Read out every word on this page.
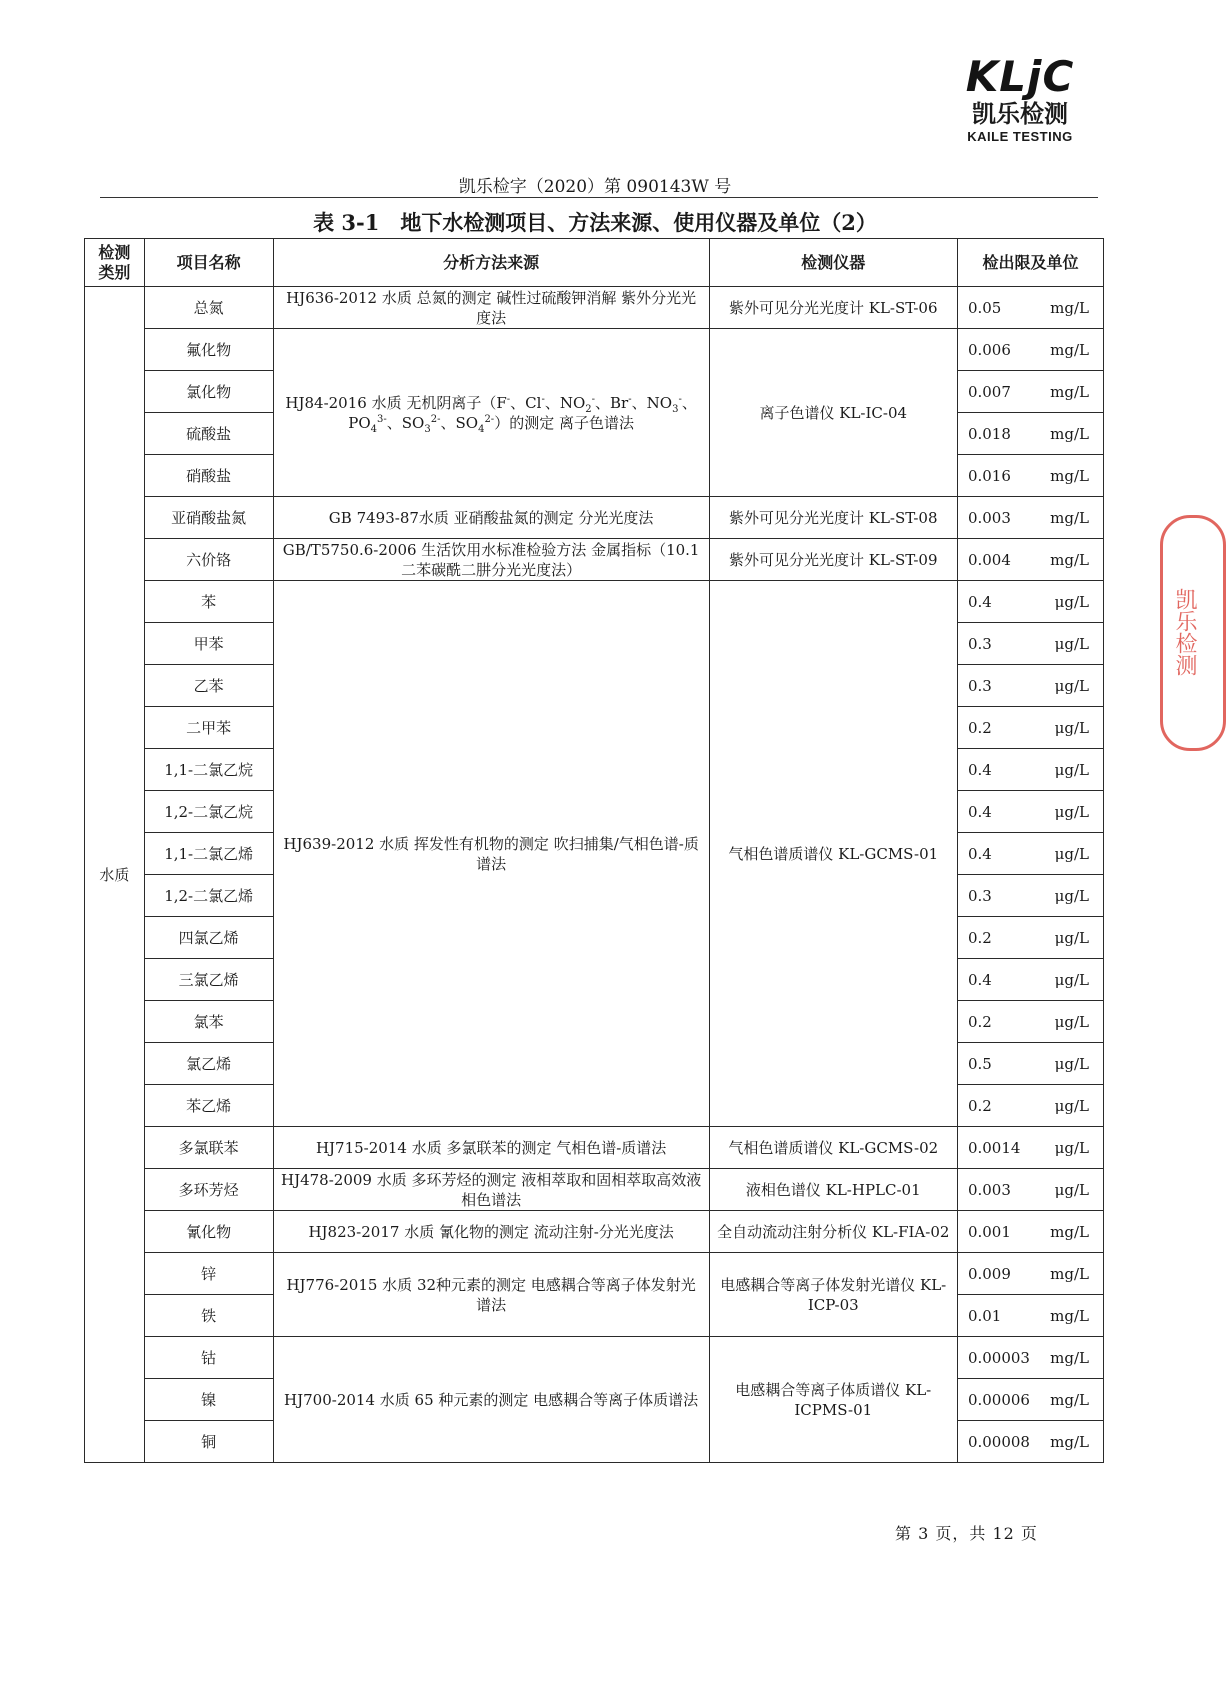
KLjC
凯乐检测
KAILE TESTING
凯乐检字（2020）第 090143W 号
表 3-1　地下水检测项目、方法来源、使用仪器及单位（2）
检测类别	项目名称	分析方法来源	检测仪器	检出限及单位
水质	总氮	HJ636-2012 水质 总氮的测定 碱性过硫酸钾消解 紫外分光光度法	紫外可见分光光度计 KL-ST-06	0.05 mg/L

	氟化物	HJ84-2016 水质 无机阴离子（F-、Cl-、$NO_2^-$、Br-、$NO_3^-$、$PO_4^{3-}$、$SO_3^{2-}$、$SO_4^{2-}$）的测定 离子色谱法	离子色谱仪 KL-IC-04	0.006 mg/L

	氯化物			0.007 mg/L

	硫酸盐			0.018 mg/L

	硝酸盐			0.016 mg/L

	亚硝酸盐氮	GB 7493-87水质 亚硝酸盐氮的测定 分光光度法	紫外可见分光光度计 KL-ST-08	0.003 mg/L

	六价铬	GB/T5750.6-2006 生活饮用水标准检验方法 金属指标（10.1 二苯碳酰二肼分光光度法）	紫外可见分光光度计 KL-ST-09	0.004 mg/L

	苯	HJ639-2012 水质 挥发性有机物的测定 吹扫捕集/气相色谱-质谱法	气相色谱质谱仪 KL-GCMS-01	0.4 μg/L

	甲苯			0.3 μg/L

	乙苯			0.3 μg/L

	二甲苯			0.2 μg/L

	1,1-二氯乙烷			0.4 μg/L

	1,2-二氯乙烷			0.4 μg/L

	1,1-二氯乙烯			0.4 μg/L

	1,2-二氯乙烯			0.3 μg/L

	四氯乙烯			0.2 μg/L

	三氯乙烯			0.4 μg/L

	氯苯			0.2 μg/L

	氯乙烯			0.5 μg/L

	苯乙烯			0.2 μg/L

	多氯联苯	HJ715-2014 水质 多氯联苯的测定 气相色谱-质谱法	气相色谱质谱仪 KL-GCMS-02	0.0014 μg/L

	多环芳烃	HJ478-2009 水质 多环芳烃的测定 液相萃取和固相萃取高效液相色谱法	液相色谱仪 KL-HPLC-01	0.003 μg/L

	氰化物	HJ823-2017 水质 氰化物的测定 流动注射-分光光度法	全自动流动注射分析仪 KL-FIA-02	0.001 mg/L

	锌	HJ776-2015 水质 32种元素的测定 电感耦合等离子体发射光谱法	电感耦合等离子体发射光谱仪 KL-ICP-03	0.009 mg/L

	铁			0.01 mg/L

	钴	HJ700-2014 水质 65 种元素的测定 电感耦合等离子体质谱法	电感耦合等离子体质谱仪 KL-ICPMS-01	0.00003 mg/L

	镍			0.00006 mg/L

	铜			0.00008 mg/L
第 3 页，共 12 页
凯乐检测
